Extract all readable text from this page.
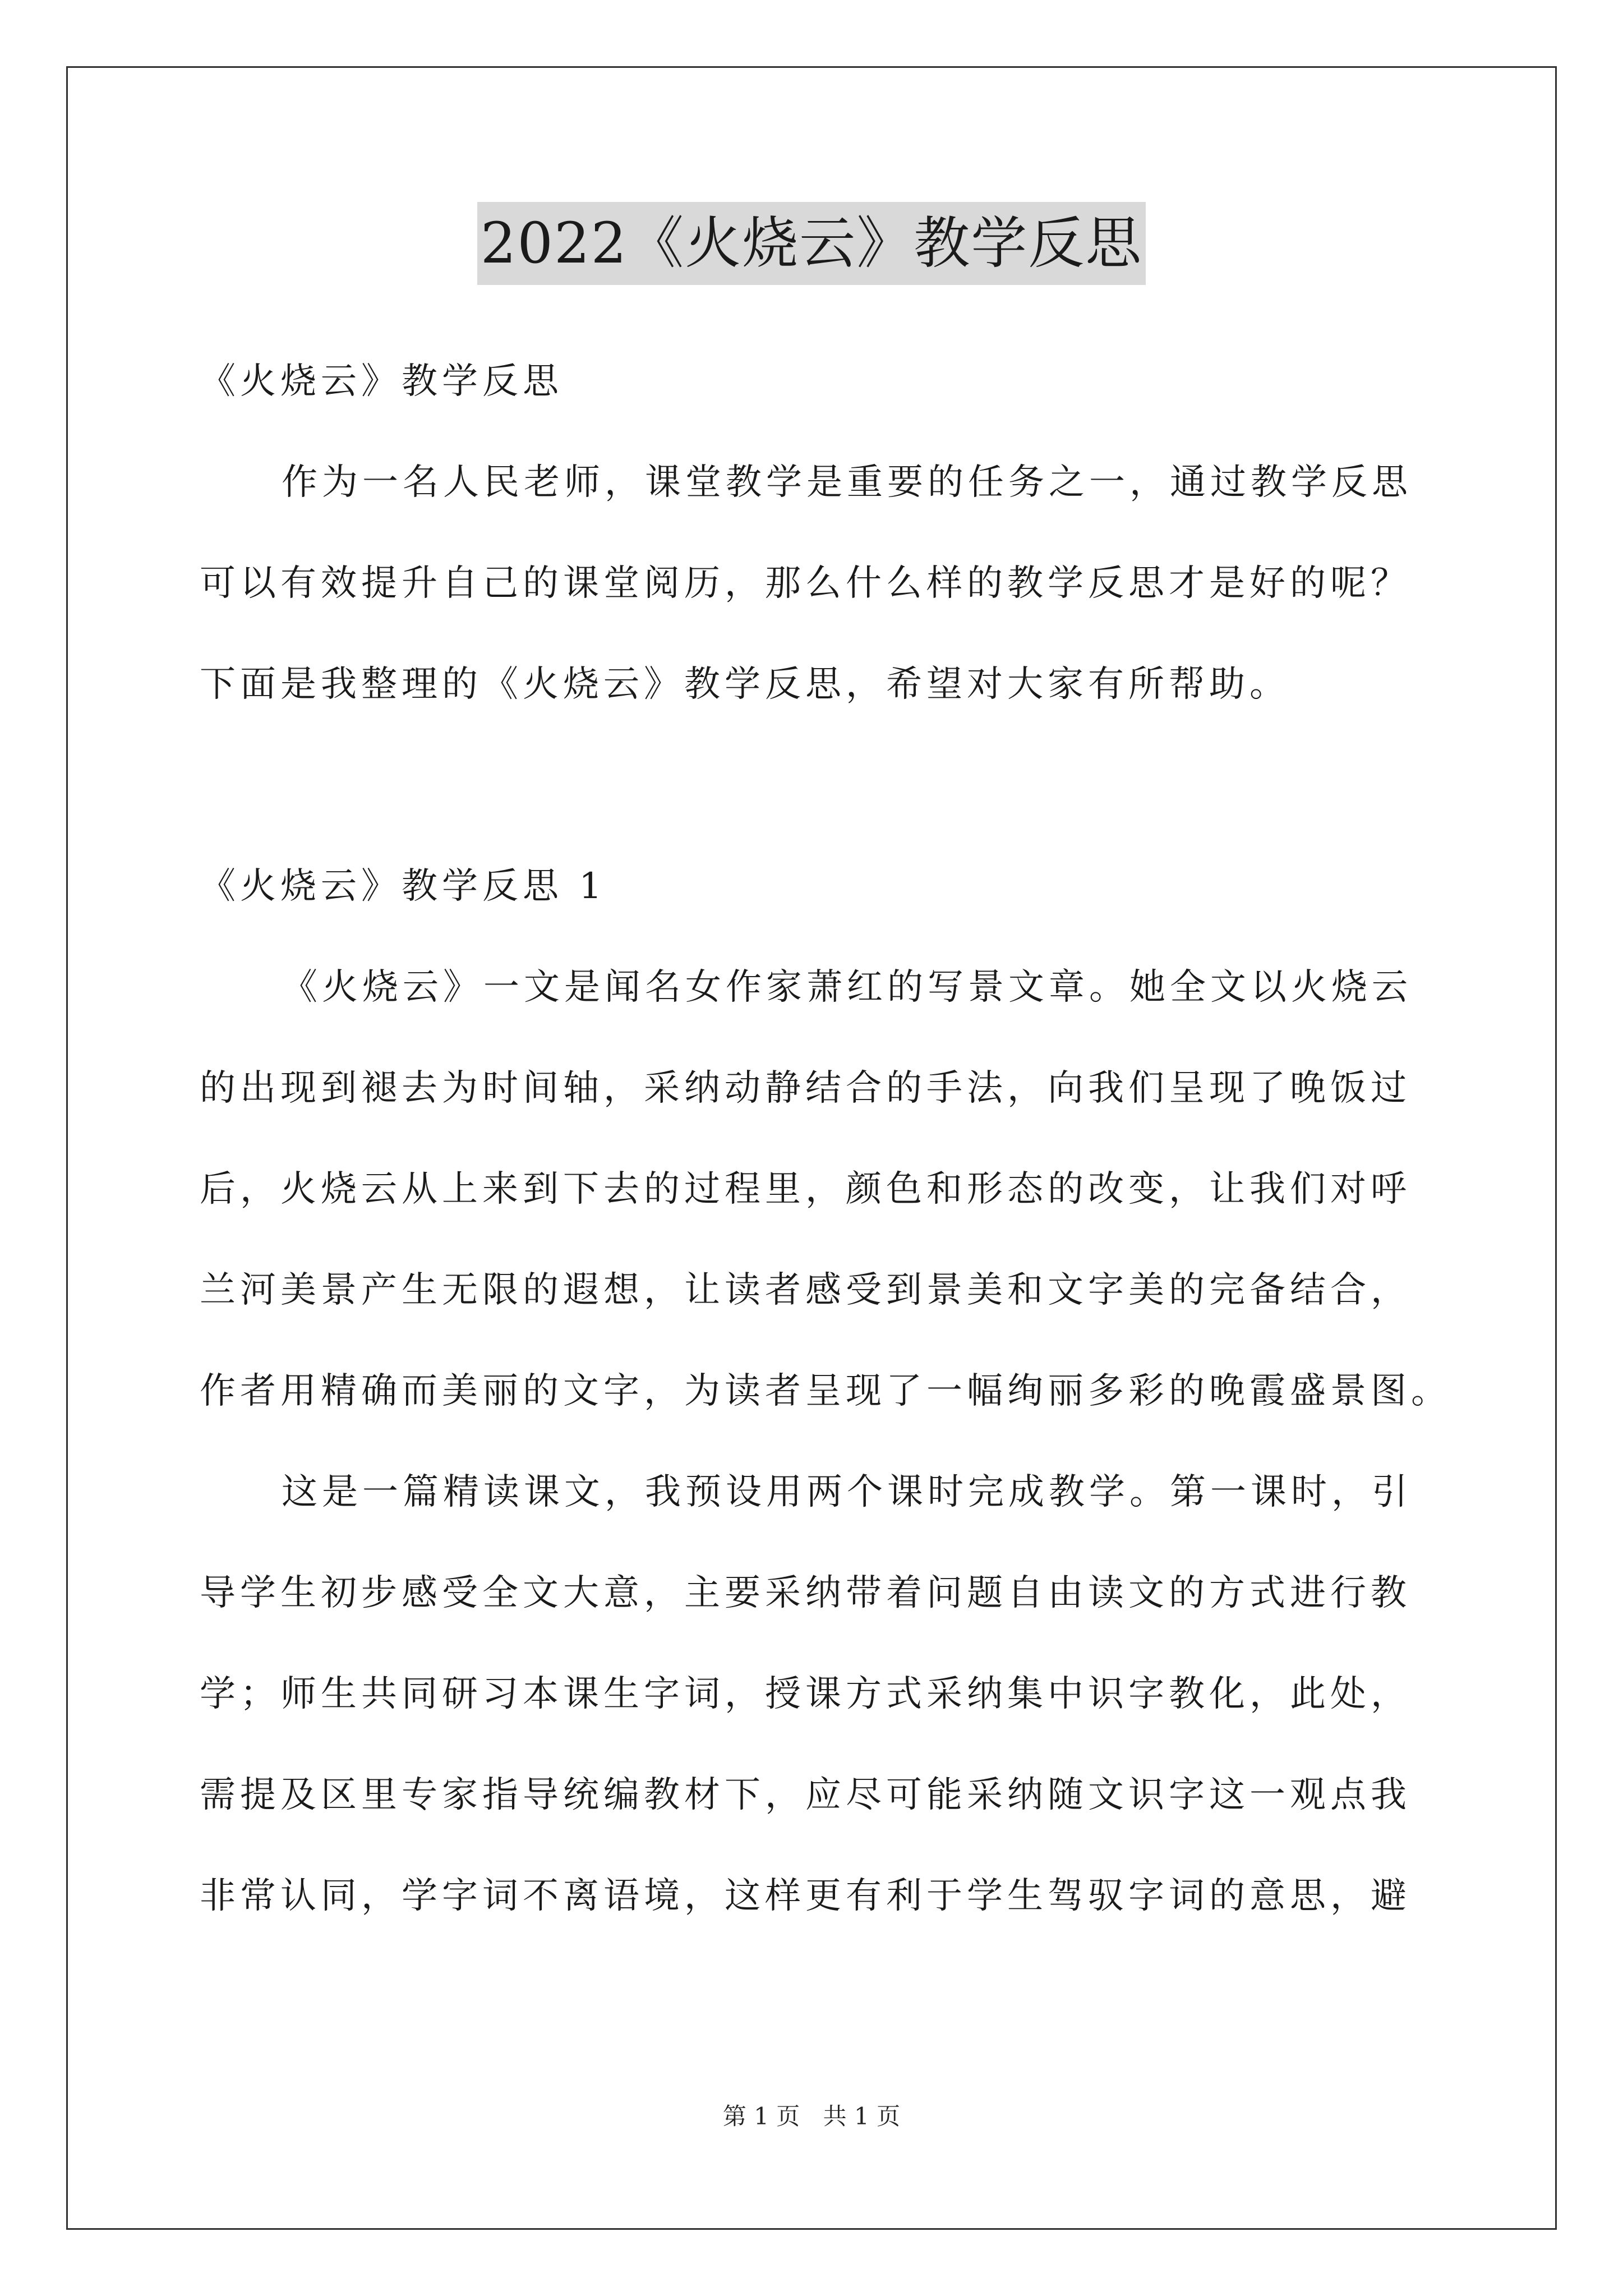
2022《火烧云》教学反思
《火烧云》教学反思
作为一名人民老师，课堂教学是重要的任务之一，通过教学反思
可以有效提升自己的课堂阅历，那么什么样的教学反思才是好的呢？
下面是我整理的《火烧云》教学反思，希望对大家有所帮助。
《火烧云》教学反思 1
《火烧云》一文是闻名女作家萧红的写景文章。她全文以火烧云
的出现到褪去为时间轴，采纳动静结合的手法，向我们呈现了晚饭过
后，火烧云从上来到下去的过程里，颜色和形态的改变，让我们对呼
兰河美景产生无限的遐想，让读者感受到景美和文字美的完备结合，
作者用精确而美丽的文字，为读者呈现了一幅绚丽多彩的晚霞盛景图。
这是一篇精读课文，我预设用两个课时完成教学。第一课时，引
导学生初步感受全文大意，主要采纳带着问题自由读文的方式进行教
学；师生共同研习本课生字词，授课方式采纳集中识字教化，此处，
需提及区里专家指导统编教材下，应尽可能采纳随文识字这一观点我
非常认同，学字词不离语境，这样更有利于学生驾驭字词的意思，避
第 1 页 共 1 页
